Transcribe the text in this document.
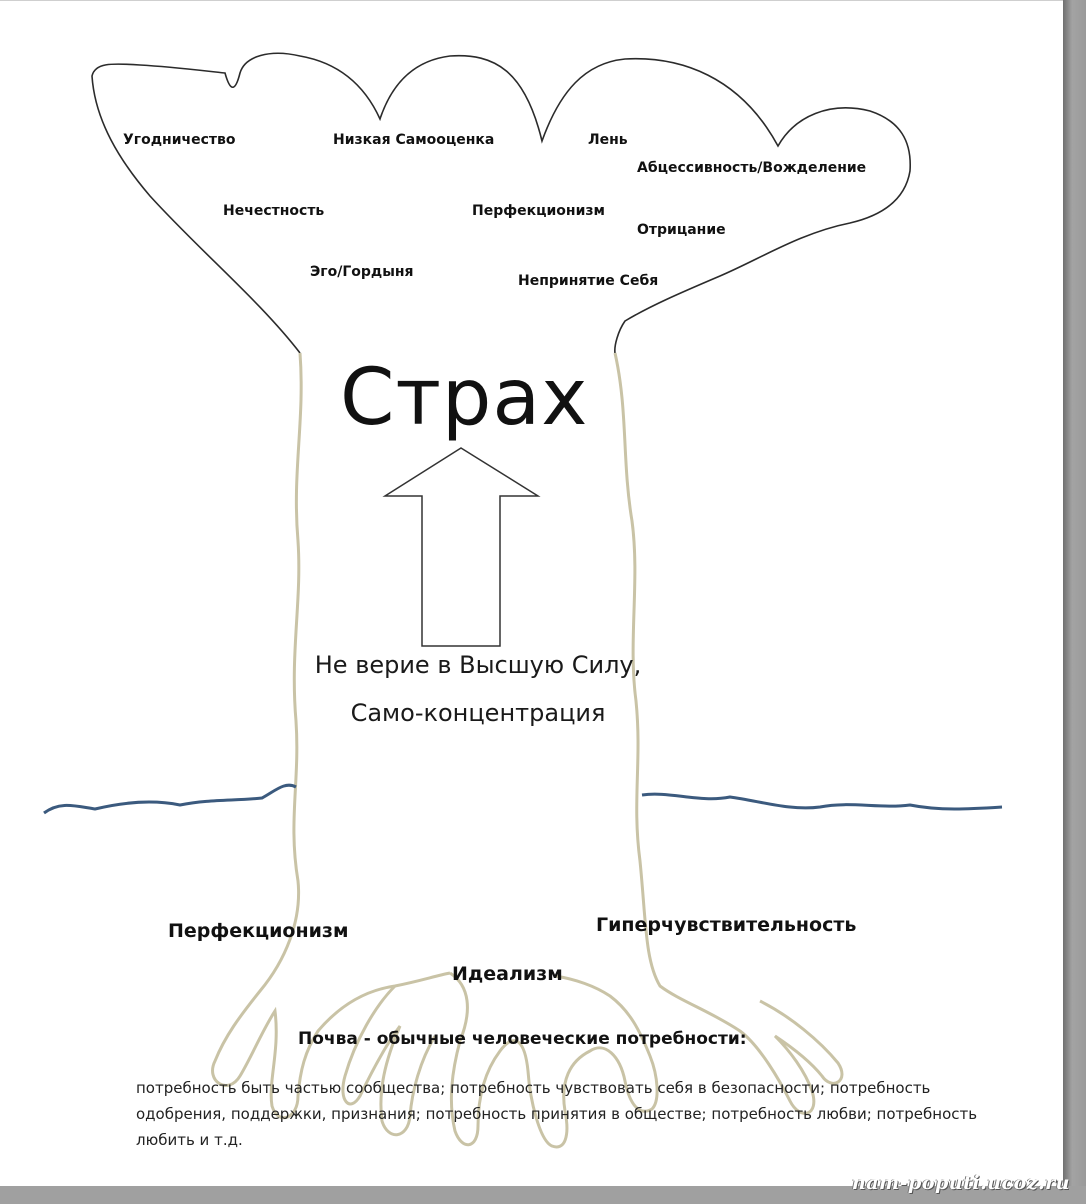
Угодничество	Низкая Самооценка	Лень
Абцессивность/Вожделение
Нечестность	Перфекционизм
Отрицание
Эго/Гордыня
Непринятие Себя
Страх
Не верие в Высшую Силу,
Само-концентрация
Перфекционизм	Гиперчувствительность
Идеализм
Почва - обычные человеческие потребности:
потребность быть частью сообщества; потребность чувствовать себя в безопасности; потребность одобрения, поддержки, признания; потребность принятия в обществе; потребность любви; потребность любить и т.д.
nam-poputi.ucoz.ru
